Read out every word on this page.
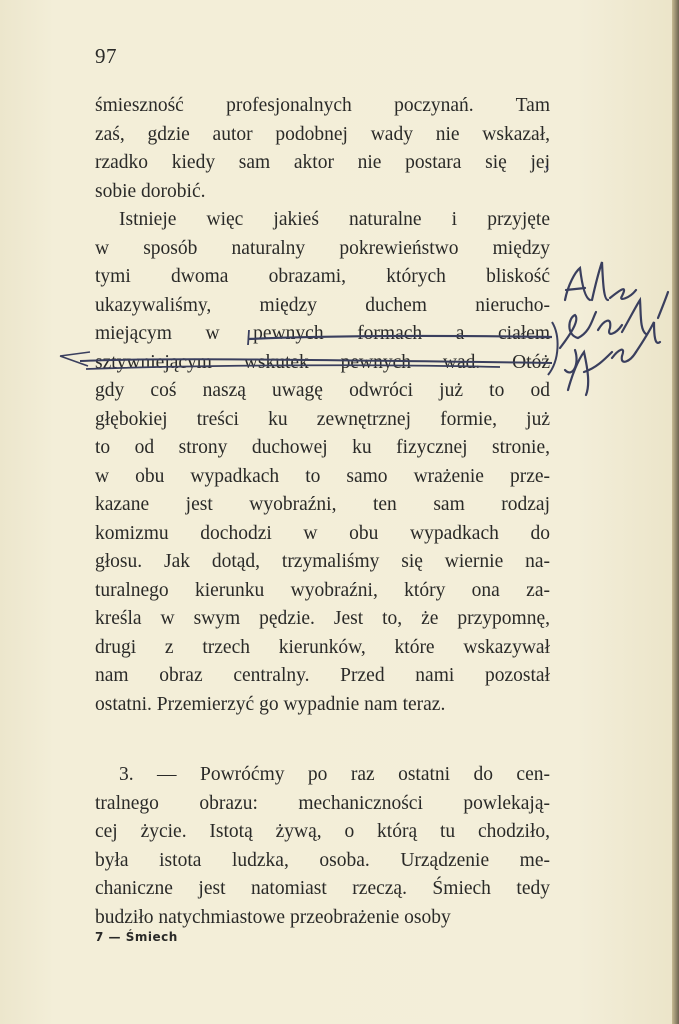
97
śmieszność profesjonalnych poczynań. Tam
zaś, gdzie autor podobnej wady nie wskazał,
rzadko kiedy sam aktor nie postara się jej
sobie dorobić.
Istnieje więc jakieś naturalne i przyjęte
w sposób naturalny pokrewieństwo między
tymi dwoma obrazami, których bliskość
ukazywaliśmy, między duchem nierucho-
miejącym w pewnych formach a ciałem
sztywniejącym wskutek pewnych wad. Otóż
gdy coś naszą uwagę odwróci już to od
głębokiej treści ku zewnętrznej formie, już
to od strony duchowej ku fizycznej stronie,
w obu wypadkach to samo wrażenie prze-
kazane jest wyobraźni, ten sam rodzaj
komizmu dochodzi w obu wypadkach do
głosu. Jak dotąd, trzymaliśmy się wiernie na-
turalnego kierunku wyobraźni, który ona za-
kreśla w swym pędzie. Jest to, że przypomnę,
drugi z trzech kierunków, które wskazywał
nam obraz centralny. Przed nami pozostał
ostatni. Przemierzyć go wypadnie nam teraz.
3. — Powróćmy po raz ostatni do cen-
tralnego obrazu: mechaniczności powlekają-
cej życie. Istotą żywą, o którą tu chodziło,
była istota ludzka, osoba. Urządzenie me-
chaniczne jest natomiast rzeczą. Śmiech tedy
budziło natychmiastowe przeobrażenie osoby
7 — Śmiech
